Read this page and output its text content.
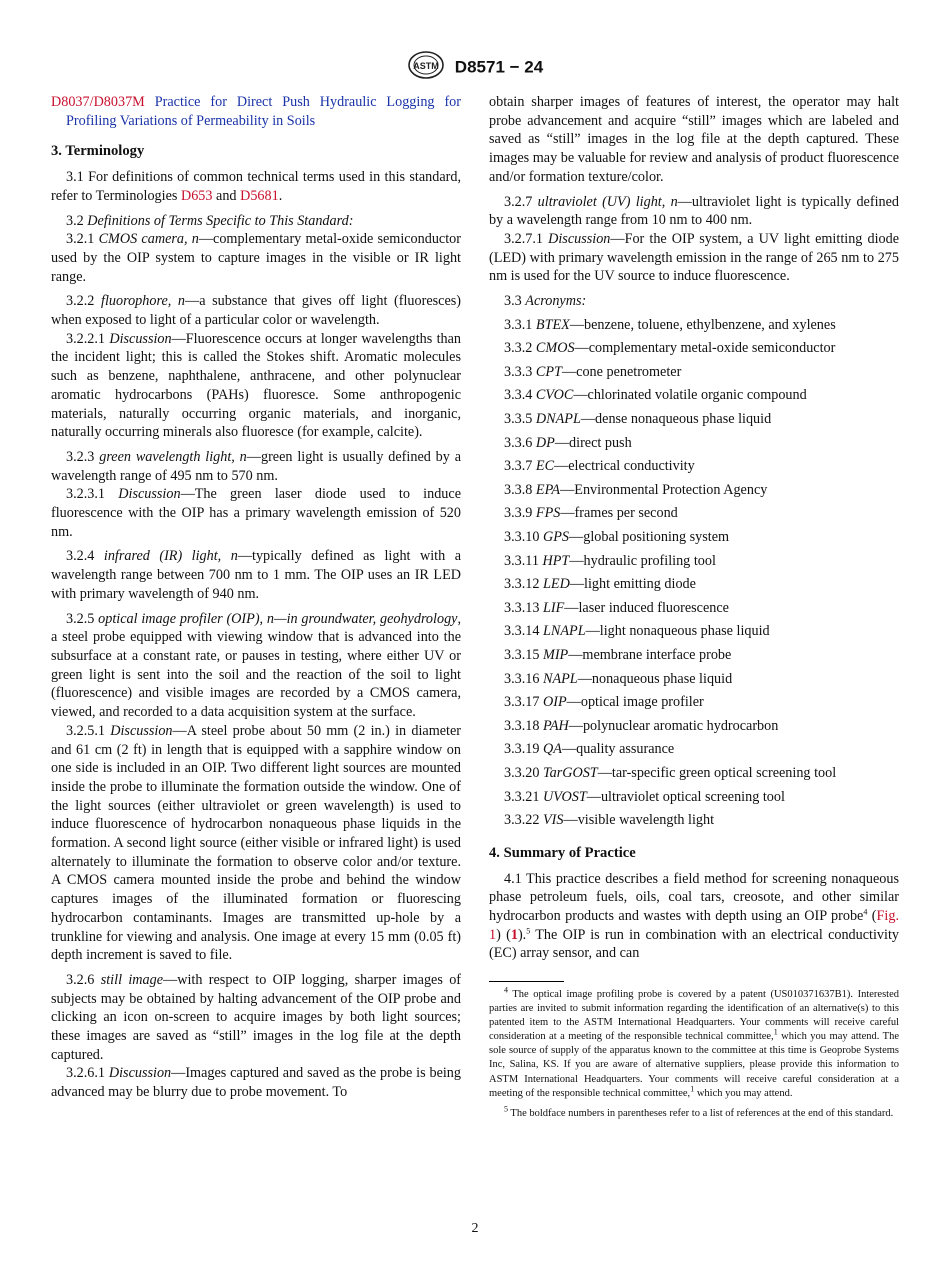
ASTM D8571 − 24

D8037/D8037M Practice for Direct Push Hydraulic Logging for Profiling Variations of Permeability in Soils

3. Terminology

3.1 For definitions of common technical terms used in this standard, refer to Terminologies D653 and D5681.

3.2 Definitions of Terms Specific to This Standard:

3.2.1 CMOS camera, n—complementary metal-oxide semiconductor used by the OIP system to capture images in the visible or IR light range.

3.2.2 fluorophore, n—a substance that gives off light (fluoresces) when exposed to light of a particular color or wavelength.

3.2.2.1 Discussion—Fluorescence occurs at longer wavelengths than the incident light; this is called the Stokes shift. Aromatic molecules such as benzene, naphthalene, anthracene, and other polynuclear aromatic hydrocarbons (PAHs) fluoresce. Some anthropogenic materials, naturally occurring organic materials, and inorganic, naturally occurring minerals also fluoresce (for example, calcite).

3.2.3 green wavelength light, n—green light is usually defined by a wavelength range of 495 nm to 570 nm.

3.2.3.1 Discussion—The green laser diode used to induce fluorescence with the OIP has a primary wavelength emission of 520 nm.

3.2.4 infrared (IR) light, n—typically defined as light with a wavelength range between 700 nm to 1 mm. The OIP uses an IR LED with primary wavelength of 940 nm.

3.2.5 optical image profiler (OIP), n—in groundwater, geohydrology, a steel probe equipped with viewing window that is advanced into the subsurface at a constant rate, or pauses in testing, where either UV or green light is sent into the soil and the reaction of the soil to light (fluorescence) and visible images are recorded by a CMOS camera, viewed, and recorded to a data acquisition system at the surface.

3.2.5.1 Discussion—A steel probe about 50 mm (2 in.) in diameter and 61 cm (2 ft) in length that is equipped with a sapphire window on one side is included in an OIP. Two different light sources are mounted inside the probe to illuminate the formation outside the window. One of the light sources (either ultraviolet or green wavelength) is used to induce fluorescence of hydrocarbon nonaqueous phase liquids in the formation. A second light source (either visible or infrared light) is used alternately to illuminate the formation to observe color and/or texture. A CMOS camera mounted inside the probe and behind the window captures images of the illuminated formation or fluorescing hydrocarbon contaminants. Images are transmitted up-hole by a trunkline for viewing and analysis. One image at every 15 mm (0.05 ft) depth increment is saved to file.

3.2.6 still image—with respect to OIP logging, sharper images of subjects may be obtained by halting advancement of the OIP probe and clicking an icon on-screen to acquire images by both light sources; these images are saved as “still” images in the log file at the depth captured.

3.2.6.1 Discussion—Images captured and saved as the probe is being advanced may be blurry due to probe movement. To

obtain sharper images of features of interest, the operator may halt probe advancement and acquire “still” images which are labeled and saved as “still” images in the log file at the depth captured. These images may be valuable for review and analysis of product fluorescence and/or formation texture/color.

3.2.7 ultraviolet (UV) light, n—ultraviolet light is typically defined by a wavelength range from 10 nm to 400 nm.

3.2.7.1 Discussion—For the OIP system, a UV light emitting diode (LED) with primary wavelength emission in the range of 265 nm to 275 nm is used for the UV source to induce fluorescence.

3.3 Acronyms:

3.3.1 BTEX—benzene, toluene, ethylbenzene, and xylenes

3.3.2 CMOS—complementary metal-oxide semiconductor

3.3.3 CPT—cone penetrometer

3.3.4 CVOC—chlorinated volatile organic compound

3.3.5 DNAPL—dense nonaqueous phase liquid

3.3.6 DP—direct push

3.3.7 EC—electrical conductivity

3.3.8 EPA—Environmental Protection Agency

3.3.9 FPS—frames per second

3.3.10 GPS—global positioning system

3.3.11 HPT—hydraulic profiling tool

3.3.12 LED—light emitting diode

3.3.13 LIF—laser induced fluorescence

3.3.14 LNAPL—light nonaqueous phase liquid

3.3.15 MIP—membrane interface probe

3.3.16 NAPL—nonaqueous phase liquid

3.3.17 OIP—optical image profiler

3.3.18 PAH—polynuclear aromatic hydrocarbon

3.3.19 QA—quality assurance

3.3.20 TarGOST—tar-specific green optical screening tool

3.3.21 UVOST—ultraviolet optical screening tool

3.3.22 VIS—visible wavelength light

4. Summary of Practice

4.1 This practice describes a field method for screening nonaqueous phase petroleum fuels, oils, coal tars, creosote, and other similar hydrocarbon products and wastes with depth using an OIP probe$^4$ (Fig. 1) (1).$^5$ The OIP is run in combination with an electrical conductivity (EC) array sensor, and can

$^4$ The optical image profiling probe is covered by a patent (US010371637B1). Interested parties are invited to submit information regarding the identification of an alternative(s) to this patented item to the ASTM International Headquarters. Your comments will receive careful consideration at a meeting of the responsible technical committee,$^1$ which you may attend. The sole source of supply of the apparatus known to the committee at this time is Geoprobe Systems Inc, Salina, KS. If you are aware of alternative suppliers, please provide this information to ASTM International Headquarters. Your comments will receive careful consideration at a meeting of the responsible technical committee,$^1$ which you may attend.

$^5$ The boldface numbers in parentheses refer to a list of references at the end of this standard.

2
